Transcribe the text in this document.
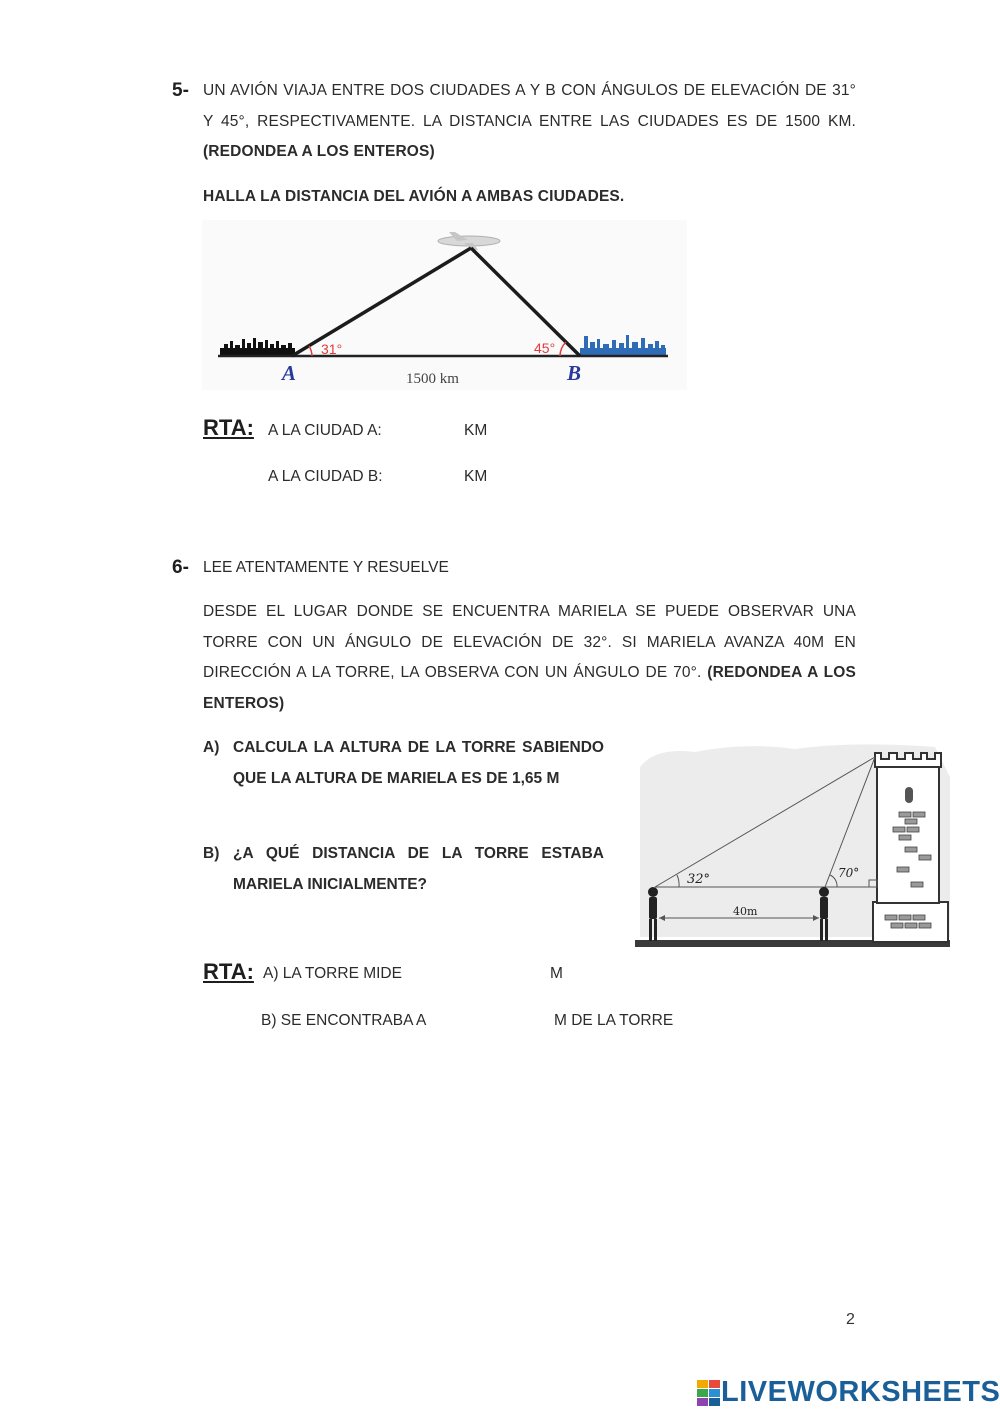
5- UN AVIÓN VIAJA ENTRE DOS CIUDADES A Y B CON ÁNGULOS DE ELEVACIÓN DE 31° Y 45°, RESPECTIVAMENTE. LA DISTANCIA ENTRE LAS CIUDADES ES DE 1500 KM. (REDONDEA A LOS ENTEROS)
HALLA LA DISTANCIA DEL AVIÓN A AMBAS CIUDADES.
31°	45°
A	B
1500 km
RTA: A LA CIUDAD A:	KM
A LA CIUDAD B:	KM
6- LEE ATENTAMENTE Y RESUELVE
DESDE EL LUGAR DONDE SE ENCUENTRA MARIELA SE PUEDE OBSERVAR UNA TORRE CON UN ÁNGULO DE ELEVACIÓN DE 32°. SI MARIELA AVANZA 40M EN DIRECCIÓN A LA TORRE, LA OBSERVA CON UN ÁNGULO DE 70°. (REDONDEA A LOS ENTEROS)
A) CALCULA LA ALTURA DE LA TORRE SABIENDO QUE LA ALTURA DE MARIELA ES DE 1,65 M
B) ¿A QUÉ DISTANCIA DE LA TORRE ESTABA MARIELA INICIALMENTE?	32°	70°
40m
RTA: A) LA TORRE MIDE	M
B) SE ENCONTRABA A	M DE LA TORRE
2
LIVEWORKSHEETS
